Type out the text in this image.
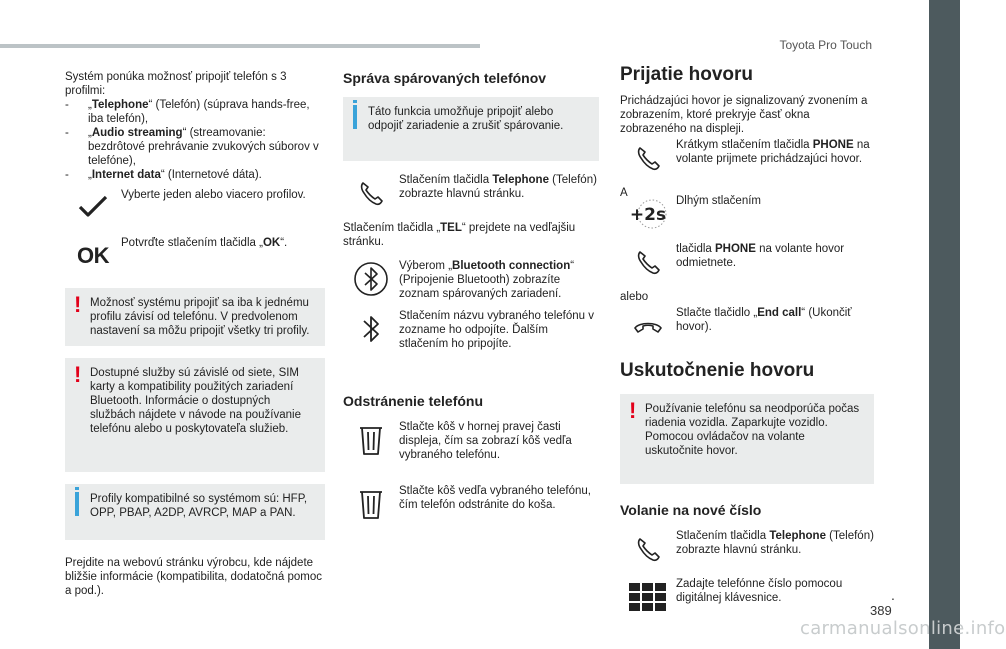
Toyota Pro Touch

Systém ponúka možnosť pripojiť telefón s 3 profilmi:

- „Telephone“ (Telefón) (súprava hands-free, iba telefón),
- „Audio streaming“ (streamovanie: bezdrôtové prehrávanie zvukových súborov v telefóne),
- „Internet data“ (Internetové dáta).
Vyberte jeden alebo viacero profilov.
OK Potvrďte stlačením tlačidla „OK“.
! Možnosť systému pripojiť sa iba k jednému profilu závisí od telefónu. V predvolenom nastavení sa môžu pripojiť všetky tri profily.
! Dostupné služby sú závislé od siete, SIM karty a kompatibility použitých zariadení Bluetooth. Informácie o dostupných službách nájdete v návode na používanie telefónu alebo u poskytovateľa služieb.
Profily kompatibilné so systémom sú: HFP, OPP, PBAP, A2DP, AVRCP, MAP a PAN.

Prejdite na webovú stránku výrobcu, kde nájdete bližšie informácie (kompatibilita, dodatočná pomoc a pod.).

Správa spárovaných telefónov
Táto funkcia umožňuje pripojiť alebo odpojiť zariadenie a zrušiť spárovanie.
Stlačením tlačidla Telephone (Telefón) zobrazte hlavnú stránku.

Stlačením tlačidla „TEL“ prejdete na vedľajšiu stránku.

Výberom „Bluetooth connection“ (Pripojenie Bluetooth) zobrazíte zoznam spárovaných zariadení.
Stlačením názvu vybraného telefónu v zozname ho odpojíte. Ďalším stlačením ho pripojíte.
Odstránenie telefónu
Stlačte kôš v hornej pravej časti displeja, čím sa zobrazí kôš vedľa vybraného telefónu.
Stlačte kôš vedľa vybraného telefónu, čím telefón odstránite do koša.
Prijatie hovoru

Prichádzajúci hovor je signalizovaný zvonením a zobrazením, ktoré prekryje časť okna zobrazeného na displeji.

Krátkym stlačením tlačidla PHONE na volante prijmete prichádzajúci hovor.

A

+2s
Dlhým stlačením
tlačidla PHONE na volante hovor odmietnete.

alebo

Stlačte tlačidlo „End call“ (Ukončiť hovor).
Uskutočnenie hovoru
! Používanie telefónu sa neodporúča počas riadenia vozidla. Zaparkujte vozidlo. Pomocou ovládačov na volante uskutočnite hovor.
Volanie na nové číslo
Stlačením tlačidla Telephone (Telefón) zobrazte hlavnú stránku.
Zadajte telefónne číslo pomocou digitálnej klávesnice.	.
389
carmanualsonline.info
